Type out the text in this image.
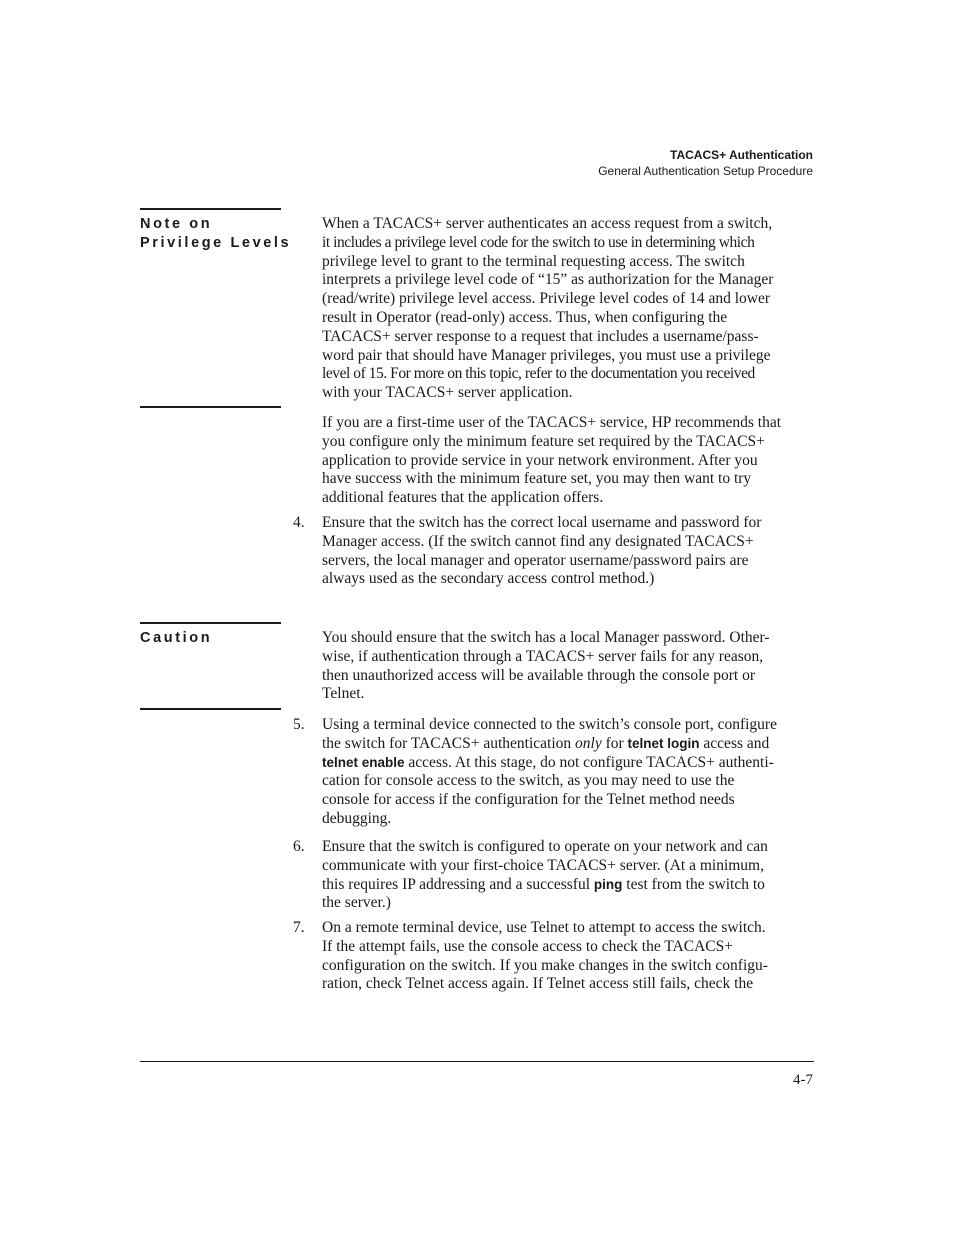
TACACS+ Authentication
General Authentication Setup Procedure
Note on
Privilege Levels
When a TACACS+ server authenticates an access request from a switch,
it includes a privilege level code for the switch to use in determining which
privilege level to grant to the terminal requesting access. The switch
interprets a privilege level code of “15” as authorization for the Manager
(read/write) privilege level access. Privilege level codes of 14 and lower
result in Operator (read-only) access. Thus, when configuring the
TACACS+ server response to a request that includes a username/pass-
word pair that should have Manager privileges, you must use a privilege
level of 15. For more on this topic, refer to the documentation you received
with your TACACS+ server application.
If you are a first-time user of the TACACS+ service, HP recommends that
you configure only the minimum feature set required by the TACACS+
application to provide service in your network environment. After you
have success with the minimum feature set, you may then want to try
additional features that the application offers.
4. Ensure that the switch has the correct local username and password for
Manager access. (If the switch cannot find any designated TACACS+
servers, the local manager and operator username/password pairs are
always used as the secondary access control method.)
Caution	You should ensure that the switch has a local Manager password. Other-
wise, if authentication through a TACACS+ server fails for any reason,
then unauthorized access will be available through the console port or
Telnet.
5. Using a terminal device connected to the switch’s console port, configure
the switch for TACACS+ authentication only for telnet login access and
telnet enable access. At this stage, do not configure TACACS+ authenti-
cation for console access to the switch, as you may need to use the
console for access if the configuration for the Telnet method needs
debugging.
6. Ensure that the switch is configured to operate on your network and can
communicate with your first-choice TACACS+ server. (At a minimum,
this requires IP addressing and a successful ping test from the switch to
the server.)
7. On a remote terminal device, use Telnet to attempt to access the switch.
If the attempt fails, use the console access to check the TACACS+
configuration on the switch. If you make changes in the switch configu-
ration, check Telnet access again. If Telnet access still fails, check the
4-7
